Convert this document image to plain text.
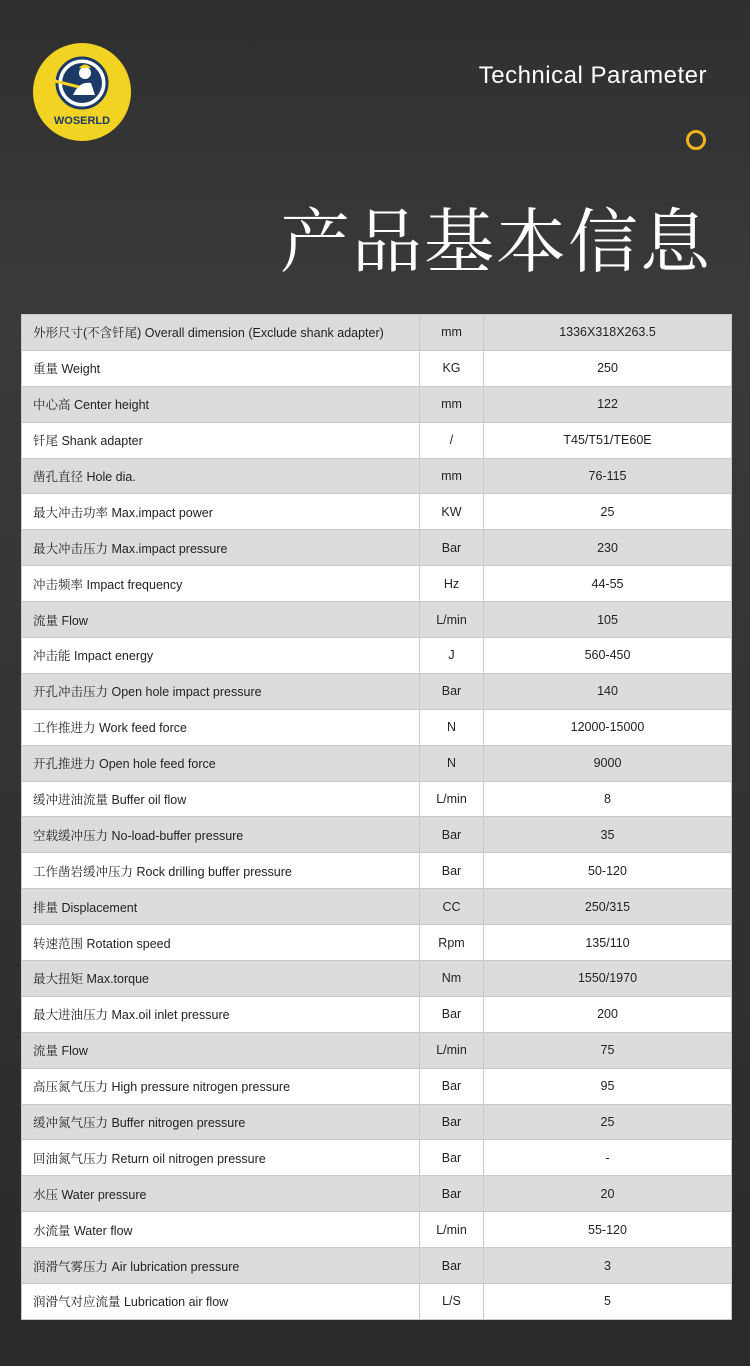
WOSERLD
Technical Parameter
产品基本信息
外形尺寸(不含钎尾) Overall dimension (Exclude shank adapter)	mm	1336X318X263.5
重量 Weight	KG	250
中心高 Center height	mm	122
钎尾 Shank adapter	/	T45/T51/TE60E
凿孔直径 Hole dia.	mm	76-115
最大冲击功率 Max.impact power	KW	25
最大冲击压力 Max.impact pressure	Bar	230
冲击频率 Impact frequency	Hz	44-55
流量 Flow	L/min	105
冲击能 Impact energy	J	560-450
开孔冲击压力 Open hole impact pressure	Bar	140
工作推进力 Work feed force	N	12000-15000
开孔推进力 Open hole feed force	N	9000
缓冲进油流量 Buffer oil flow	L/min	8
空载缓冲压力 No-load-buffer pressure	Bar	35
工作凿岩缓冲压力 Rock drilling buffer pressure	Bar	50-120
排量 Displacement	CC	250/315
转速范围 Rotation speed	Rpm	135/110
最大扭矩 Max.torque	Nm	1550/1970
最大进油压力 Max.oil inlet pressure	Bar	200
流量 Flow	L/min	75
高压氮气压力 High pressure nitrogen pressure	Bar	95
缓冲氮气压力 Buffer nitrogen pressure	Bar	25
回油氮气压力 Return oil nitrogen pressure	Bar	-
水压 Water pressure	Bar	20
水流量 Water flow	L/min	55-120
润滑气雾压力 Air lubrication pressure	Bar	3
润滑气对应流量 Lubrication air flow	L/S	5
